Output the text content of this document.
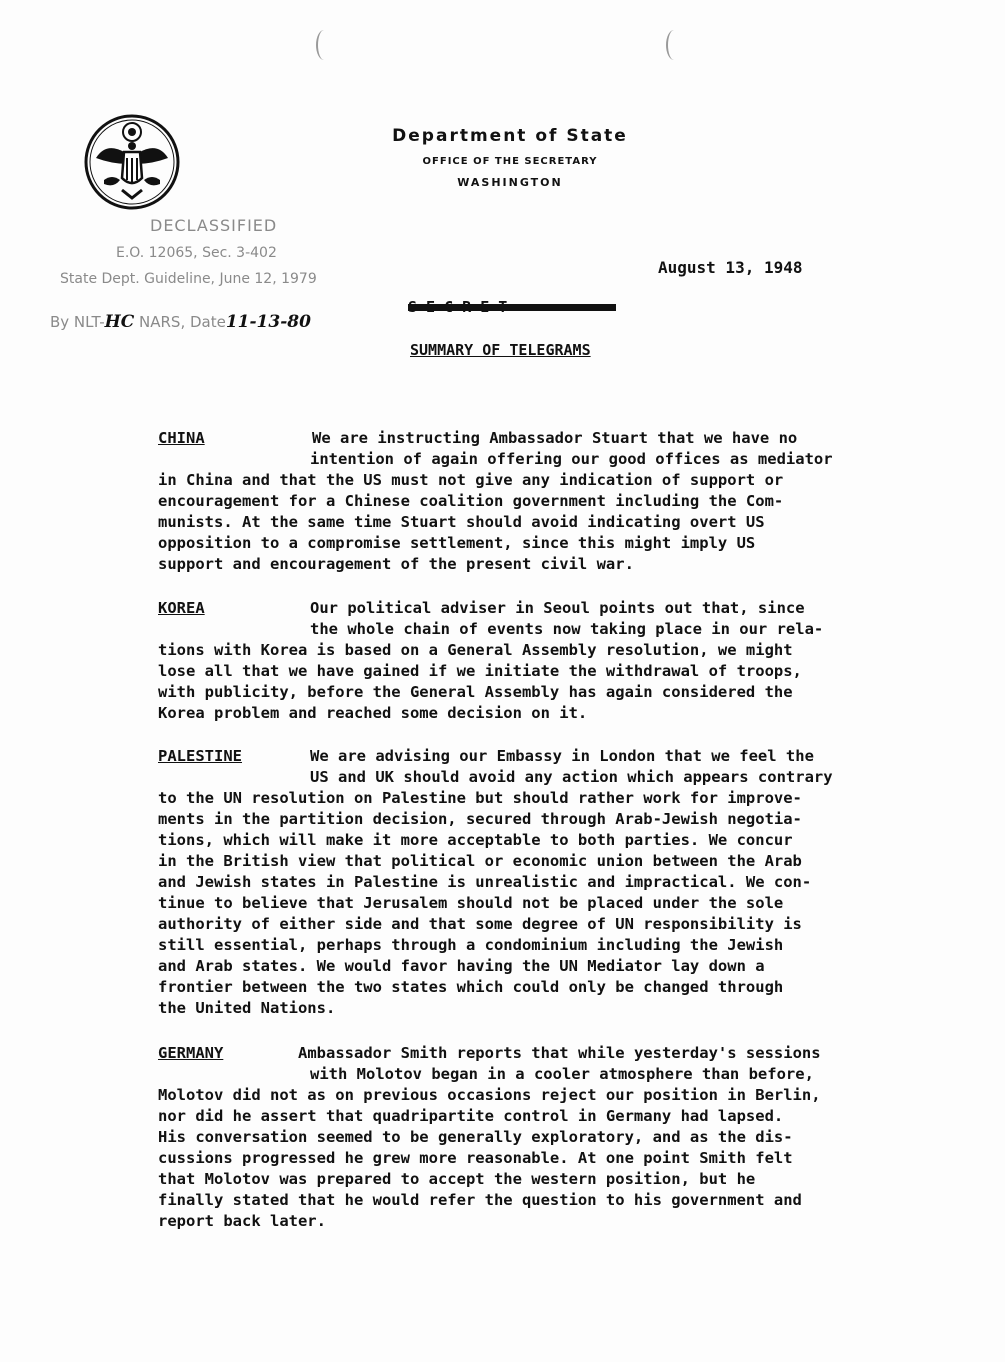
Department of State
OFFICE OF THE SECRETARY
WASHINGTON
DECLASSIFIED
E.O. 12065, Sec. 3-402
State Dept. Guideline, June 12, 1979
By NLT-HC NARS, Date11-13-80
August 13, 1948
SUMMARY OF TELEGRAMS
CHINA	We are instructing Ambassador Stuart that we have no
intention of again offering our good offices as mediator
in China and that the US must not give any indication of support or
encouragement for a Chinese coalition government including the Com-
munists. At the same time Stuart should avoid indicating overt US
opposition to a compromise settlement, since this might imply US
support and encouragement of the present civil war.
KOREA	Our political adviser in Seoul points out that, since
the whole chain of events now taking place in our rela-
tions with Korea is based on a General Assembly resolution, we might
lose all that we have gained if we initiate the withdrawal of troops,
with publicity, before the General Assembly has again considered the
Korea problem and reached some decision on it.
PALESTINE	We are advising our Embassy in London that we feel the
US and UK should avoid any action which appears contrary
to the UN resolution on Palestine but should rather work for improve-
ments in the partition decision, secured through Arab-Jewish negotia-
tions, which will make it more acceptable to both parties. We concur
in the British view that political or economic union between the Arab
and Jewish states in Palestine is unrealistic and impractical. We con-
tinue to believe that Jerusalem should not be placed under the sole
authority of either side and that some degree of UN responsibility is
still essential, perhaps through a condominium including the Jewish
and Arab states. We would favor having the UN Mediator lay down a
frontier between the two states which could only be changed through
the United Nations.
GERMANY	Ambassador Smith reports that while yesterday's sessions
with Molotov began in a cooler atmosphere than before,
Molotov did not as on previous occasions reject our position in Berlin,
nor did he assert that quadripartite control in Germany had lapsed.
His conversation seemed to be generally exploratory, and as the dis-
cussions progressed he grew more reasonable. At one point Smith felt
that Molotov was prepared to accept the western position, but he
finally stated that he would refer the question to his government and
report back later.
